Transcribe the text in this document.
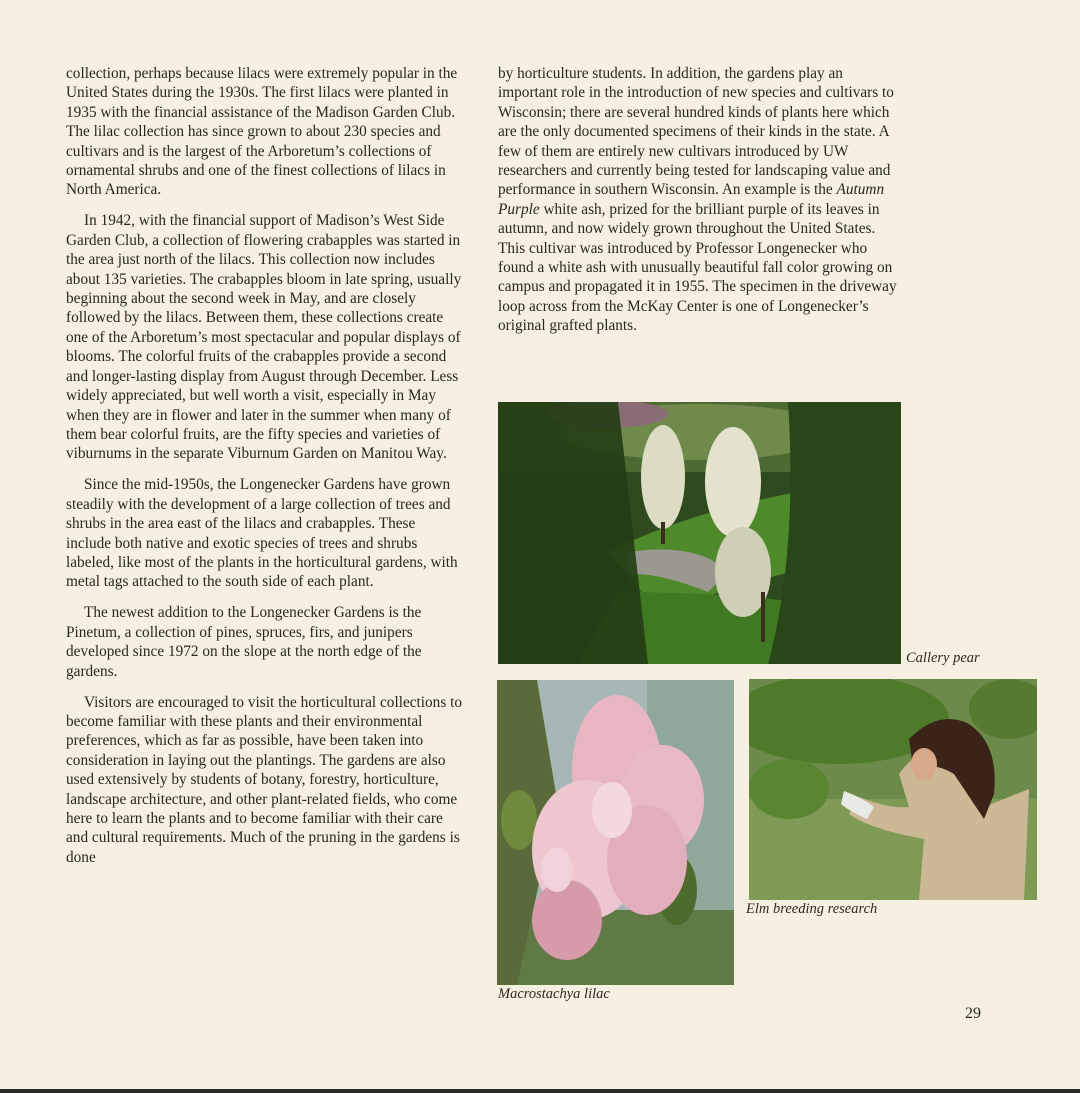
collection, perhaps because lilacs were extremely popular in the United States during the 1930s. The first lilacs were planted in 1935 with the financial assistance of the Madison Garden Club. The lilac collection has since grown to about 230 species and cultivars and is the largest of the Arboretum’s collections of ornamental shrubs and one of the finest collections of lilacs in North America.

In 1942, with the financial support of Madison’s West Side Garden Club, a collection of flowering crabapples was started in the area just north of the lilacs. This collection now includes about 135 varieties. The crabapples bloom in late spring, usually beginning about the second week in May, and are closely followed by the lilacs. Between them, these collections create one of the Arboretum’s most spectacular and popular displays of blooms. The colorful fruits of the crabapples provide a second and longer-lasting display from August through December. Less widely appreciated, but well worth a visit, especially in May when they are in flower and later in the summer when many of them bear colorful fruits, are the fifty species and varieties of viburnums in the separate Viburnum Garden on Manitou Way.

Since the mid-1950s, the Longenecker Gardens have grown steadily with the development of a large collection of trees and shrubs in the area east of the lilacs and crabapples. These include both native and exotic species of trees and shrubs labeled, like most of the plants in the horticultural gardens, with metal tags attached to the south side of each plant.

The newest addition to the Longenecker Gardens is the Pinetum, a collection of pines, spruces, firs, and junipers developed since 1972 on the slope at the north edge of the gardens.

Visitors are encouraged to visit the horticultural collections to become familiar with these plants and their environmental preferences, which as far as possible, have been taken into consideration in laying out the plantings. The gardens are also used extensively by students of botany, forestry, horticulture, landscape architecture, and other plant-related fields, who come here to learn the plants and to become familiar with their care and cultural requirements. Much of the pruning in the gardens is done

by horticulture students. In addition, the gardens play an important role in the introduction of new species and cultivars to Wisconsin; there are several hundred kinds of plants here which are the only documented specimens of their kinds in the state. A few of them are entirely new cultivars introduced by UW researchers and currently being tested for landscaping value and performance in southern Wisconsin. An example is the Autumn Purple white ash, prized for the brilliant purple of its leaves in autumn, and now widely grown throughout the United States. This cultivar was introduced by Professor Longenecker who found a white ash with unusually beautiful fall color growing on campus and propagated it in 1955. The specimen in the driveway loop across from the McKay Center is one of Longenecker’s original grafted plants.

Callery pear
Elm breeding research
Macrostachya lilac
29
